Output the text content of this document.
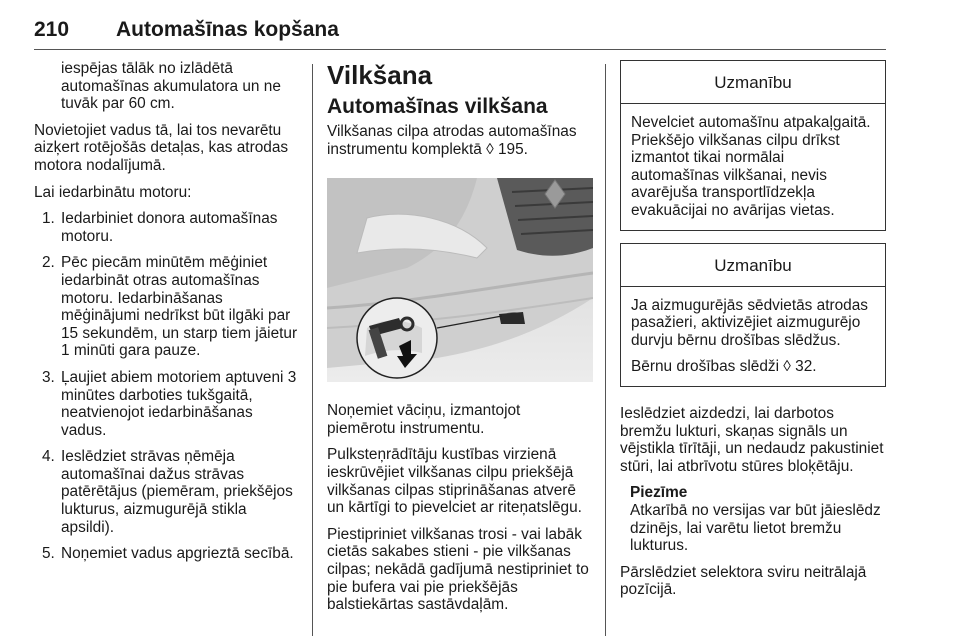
210 Automašīnas kopšana

iespējas tālāk no izlādētā automašīnas akumulatora un ne tuvāk par 60 cm.

Novietojiet vadus tā, lai tos nevarētu aizķert rotējošās detaļas, kas atrodas motora nodalījumā.

Lai iedarbinātu motoru:

1. Iedarbiniet donora automašīnas motoru.
2. Pēc piecām minūtēm mēģiniet iedarbināt otras automašīnas motoru. Iedarbināšanas mēģinājumi nedrīkst būt ilgāki par 15 sekundēm, un starp tiem jāietur 1 minūti gara pauze.
3. Ļaujiet abiem motoriem aptuveni 3 minūtes darboties tukšgaitā, neatvienojot iedarbināšanas vadus.
4. Ieslēdziet strāvas ņēmēja automašīnai dažus strāvas patērētājus (piemēram, priekšējos lukturus, aizmugurējā stikla apsildi).
5. Noņemiet vadus apgrieztā secībā.
Vilkšana
Automašīnas vilkšana

Vilkšanas cilpa atrodas automašīnas instrumentu komplektā ◊ 195.

Noņemiet vāciņu, izmantojot piemērotu instrumentu.

Pulksteņrādītāju kustības virzienā ieskrūvējiet vilkšanas cilpu priekšējā vilkšanas cilpas stiprināšanas atverē un kārtīgi to pievelciet ar riteņatslēgu.

Piestipriniet vilkšanas trosi - vai labāk cietās sakabes stieni - pie vilkšanas cilpas; nekādā gadījumā nestipriniet to pie bufera vai pie priekšējās balstiekārtas sastāvdaļām.

Uzmanību

Nevelciet automašīnu atpakaļgaitā. Priekšējo vilkšanas cilpu drīkst izmantot tikai normālai automašīnas vilkšanai, nevis avarējuša transportlīdzekļa evakuācijai no avārijas vietas.

Uzmanību

Ja aizmugurējās sēdvietās atrodas pasažieri, aktivizējiet aizmugurējo durvju bērnu drošības slēdžus.

Bērnu drošības slēdži ◊ 32.

Ieslēdziet aizdedzi, lai darbotos bremžu lukturi, skaņas signāls un vējstikla tīrītāji, un nedaudz pakustiniet stūri, lai atbrīvotu stūres bloķētāju.

Piezīme

Atkarībā no versijas var būt jāieslēdz dzinējs, lai varētu lietot bremžu lukturus.

Pārslēdziet selektora sviru neitrālajā pozīcijā.
